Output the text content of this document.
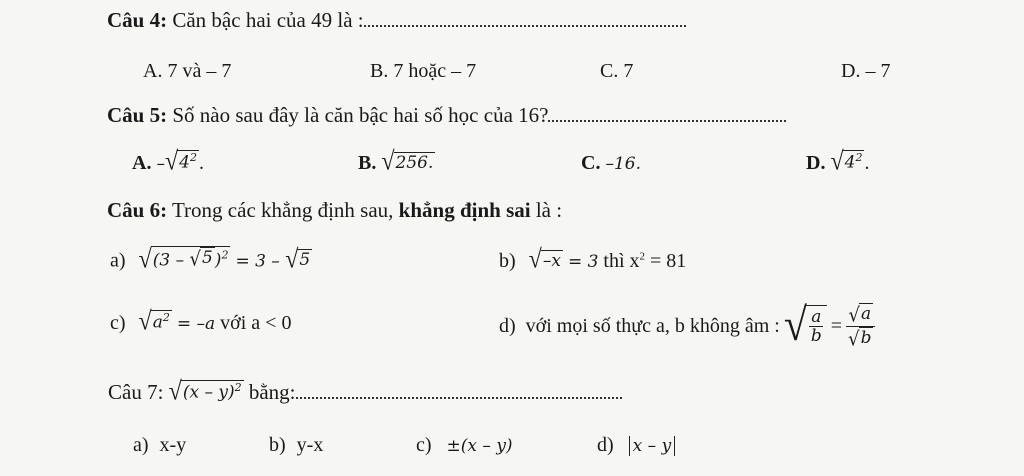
Câu 4: Căn bậc hai của 49 là :
A. 7 và – 7	B. 7 hoặc – 7	C. 7	D. – 7
Câu 5: Số nào sau đây là căn bậc hai số học của 16?
A. – √ $4^2$ .	B. √ 256.	C. –16.	D. √ $4^2$ .
Câu 6: Trong các khẳng định sau, khẳng định sai là :
a) √ (3 – √ 5 )$^2$ = 3 – √ 5	b) √ –x = 3 thì $x^2 = 81$
c) √ $a^2 = -a$ với a < 0	d) với mọi số thực a, b không âm : √ $\frac{a}{b} = \frac{√ a}{√ b}$
Câu 7: √ (x – y)$^2$ bằng:
a) x-y	b) y-x	c) ±(x – y)	d) x – y
